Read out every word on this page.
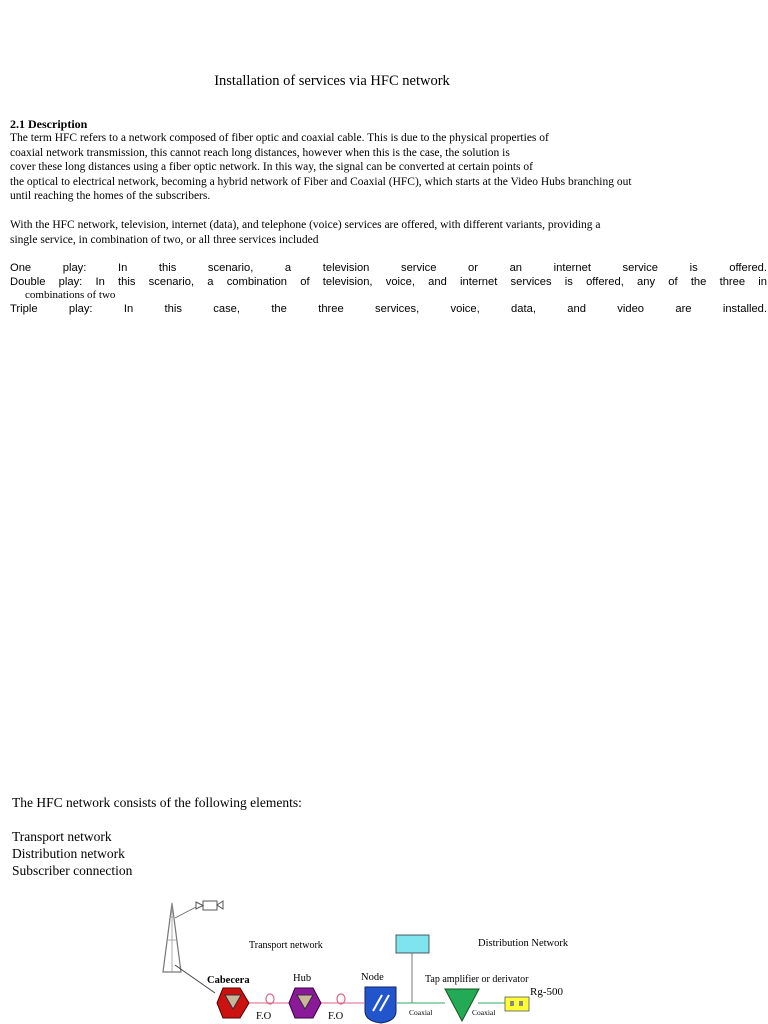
Installation of services via HFC network
2.1 Description
The term HFC refers to a network composed of fiber optic and coaxial cable. This is due to the physical properties of
coaxial network transmission, this cannot reach long distances, however when this is the case, the solution is
cover these long distances using a fiber optic network. In this way, the signal can be converted at certain points of
the optical to electrical network, becoming a hybrid network of Fiber and Coaxial (HFC), which starts at the Video Hubs branching out
until reaching the homes of the subscribers.
With the HFC network, television, internet (data), and telephone (voice) services are offered, with different variants, providing a
single service, in combination of two, or all three services included
One play: In this scenario, a television service or an internet service is offered.
Double play: In this scenario, a combination of television, voice, and internet services is offered, any of the three in
combinations of two
Triple play: In this case, the three services, voice, data, and video are installed.
The HFC network consists of the following elements:
Transport network
Distribution network
Subscriber connection
Transport network	Distribution Network
Cabecera	Hub	Node	Tap amplifier or derivator
Rg-500
F.O	F.O	Coaxial	Coaxial
